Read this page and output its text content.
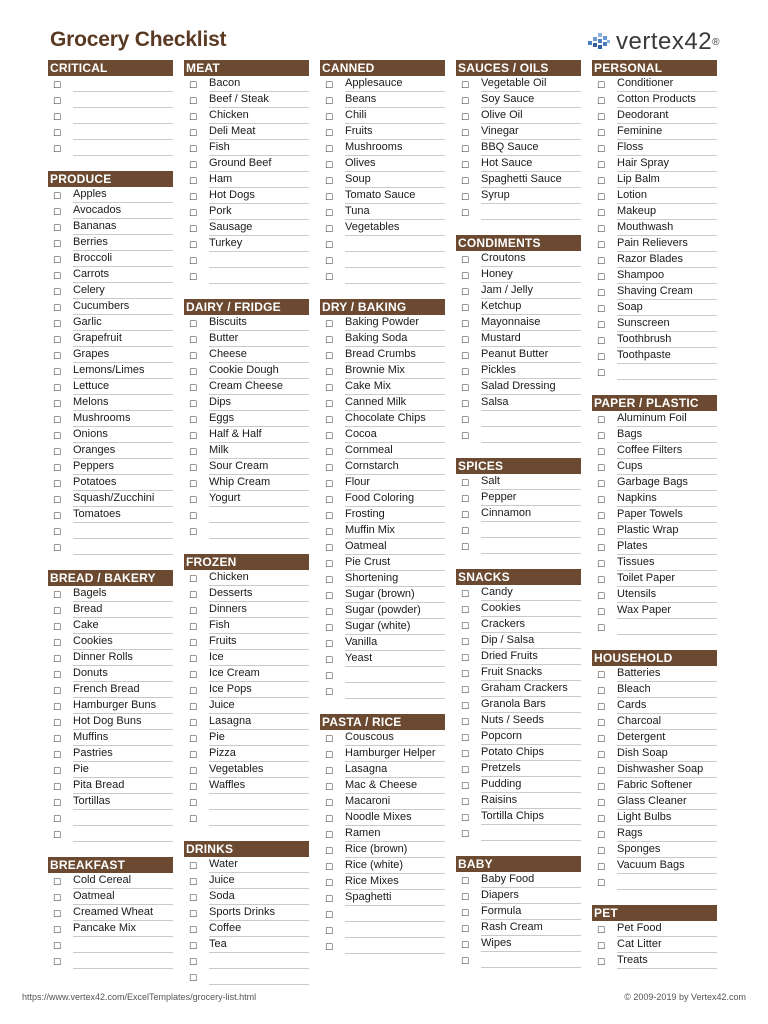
Grocery Checklist	vertex42 ®
CRITICAL
☐
☐
☐
☐
☐
PRODUCE
☐	Apples
☐	Avocados
☐	Bananas
☐	Berries
☐	Broccoli
☐	Carrots
☐	Celery
☐	Cucumbers
☐	Garlic
☐	Grapefruit
☐	Grapes
☐	Lemons/Limes
☐	Lettuce
☐	Melons
☐	Mushrooms
☐	Onions
☐	Oranges
☐	Peppers
☐	Potatoes
☐	Squash/Zucchini
☐	Tomatoes
☐
☐
BREAD / BAKERY
☐	Bagels
☐	Bread
☐	Cake
☐	Cookies
☐	Dinner Rolls
☐	Donuts
☐	French Bread
☐	Hamburger Buns
☐	Hot Dog Buns
☐	Muffins
☐	Pastries
☐	Pie
☐	Pita Bread
☐	Tortillas
☐
☐
BREAKFAST
☐	Cold Cereal
☐	Oatmeal
☐	Creamed Wheat
☐	Pancake Mix
☐
☐
MEAT
☐	Bacon
☐	Beef / Steak
☐	Chicken
☐	Deli Meat
☐	Fish
☐	Ground Beef
☐	Ham
☐	Hot Dogs
☐	Pork
☐	Sausage
☐	Turkey
☐
☐
DAIRY / FRIDGE
☐	Biscuits
☐	Butter
☐	Cheese
☐	Cookie Dough
☐	Cream Cheese
☐	Dips
☐	Eggs
☐	Half & Half
☐	Milk
☐	Sour Cream
☐	Whip Cream
☐	Yogurt
☐
☐
FROZEN
☐	Chicken
☐	Desserts
☐	Dinners
☐	Fish
☐	Fruits
☐	Ice
☐	Ice Cream
☐	Ice Pops
☐	Juice
☐	Lasagna
☐	Pie
☐	Pizza
☐	Vegetables
☐	Waffles
☐
☐
DRINKS
☐	Water
☐	Juice
☐	Soda
☐	Sports Drinks
☐	Coffee
☐	Tea
☐
☐
CANNED
☐	Applesauce
☐	Beans
☐	Chili
☐	Fruits
☐	Mushrooms
☐	Olives
☐	Soup
☐	Tomato Sauce
☐	Tuna
☐	Vegetables
☐
☐
☐
DRY / BAKING
☐	Baking Powder
☐	Baking Soda
☐	Bread Crumbs
☐	Brownie Mix
☐	Cake Mix
☐	Canned Milk
☐	Chocolate Chips
☐	Cocoa
☐	Cornmeal
☐	Cornstarch
☐	Flour
☐	Food Coloring
☐	Frosting
☐	Muffin Mix
☐	Oatmeal
☐	Pie Crust
☐	Shortening
☐	Sugar (brown)
☐	Sugar (powder)
☐	Sugar (white)
☐	Vanilla
☐	Yeast
☐
☐
PASTA / RICE
☐	Couscous
☐	Hamburger Helper
☐	Lasagna
☐	Mac & Cheese
☐	Macaroni
☐	Noodle Mixes
☐	Ramen
☐	Rice (brown)
☐	Rice (white)
☐	Rice Mixes
☐	Spaghetti
☐
☐
☐
SAUCES / OILS
☐	Vegetable Oil
☐	Soy Sauce
☐	Olive Oil
☐	Vinegar
☐	BBQ Sauce
☐	Hot Sauce
☐	Spaghetti Sauce
☐	Syrup
☐
CONDIMENTS
☐	Croutons
☐	Honey
☐	Jam / Jelly
☐	Ketchup
☐	Mayonnaise
☐	Mustard
☐	Peanut Butter
☐	Pickles
☐	Salad Dressing
☐	Salsa
☐
☐
SPICES
☐	Salt
☐	Pepper
☐	Cinnamon
☐
☐
SNACKS
☐	Candy
☐	Cookies
☐	Crackers
☐	Dip / Salsa
☐	Dried Fruits
☐	Fruit Snacks
☐	Graham Crackers
☐	Granola Bars
☐	Nuts / Seeds
☐	Popcorn
☐	Potato Chips
☐	Pretzels
☐	Pudding
☐	Raisins
☐	Tortilla Chips
☐
BABY
☐	Baby Food
☐	Diapers
☐	Formula
☐	Rash Cream
☐	Wipes
☐
PERSONAL
☐	Conditioner
☐	Cotton Products
☐	Deodorant
☐	Feminine
☐	Floss
☐	Hair Spray
☐	Lip Balm
☐	Lotion
☐	Makeup
☐	Mouthwash
☐	Pain Relievers
☐	Razor Blades
☐	Shampoo
☐	Shaving Cream
☐	Soap
☐	Sunscreen
☐	Toothbrush
☐	Toothpaste
☐
PAPER / PLASTIC
☐	Aluminum Foil
☐	Bags
☐	Coffee Filters
☐	Cups
☐	Garbage Bags
☐	Napkins
☐	Paper Towels
☐	Plastic Wrap
☐	Plates
☐	Tissues
☐	Toilet Paper
☐	Utensils
☐	Wax Paper
☐
HOUSEHOLD
☐	Batteries
☐	Bleach
☐	Cards
☐	Charcoal
☐	Detergent
☐	Dish Soap
☐	Dishwasher Soap
☐	Fabric Softener
☐	Glass Cleaner
☐	Light Bulbs
☐	Rags
☐	Sponges
☐	Vacuum Bags
☐
PET
☐	Pet Food
☐	Cat Litter
☐	Treats
https://www.vertex42.com/ExcelTemplates/grocery-list.html	© 2009-2019 by Vertex42.com
